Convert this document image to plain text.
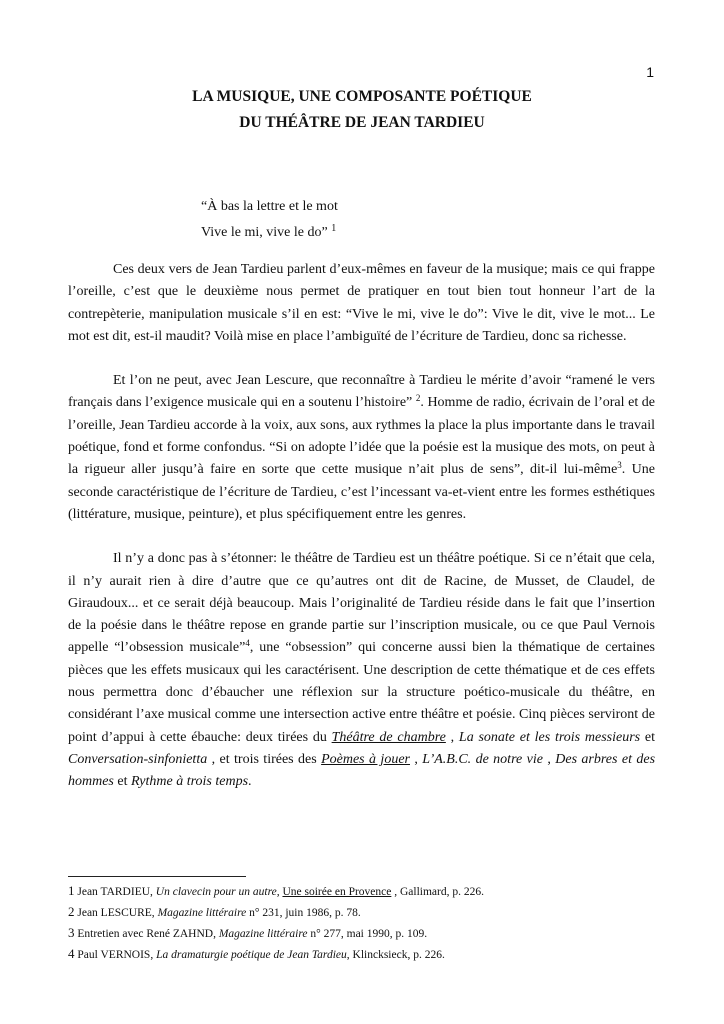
1
LA MUSIQUE, UNE COMPOSANTE POÉTIQUE
DU THÉÂTRE DE JEAN TARDIEU
“À bas la lettre et le mot
Vive le mi, vive le do” $^1$

Ces deux vers de Jean Tardieu parlent d’eux-mêmes en faveur de la musique; mais ce qui frappe l’oreille, c’est que le deuxième nous permet de pratiquer en tout bien tout honneur l’art de la contrepèterie, manipulation musicale s’il en est: “Vive le mi, vive le do”: Vive le dit, vive le mot... Le mot est dit, est-il maudit? Voilà mise en place l’ambiguïté de l’écriture de Tardieu, donc sa richesse.

Et l’on ne peut, avec Jean Lescure, que reconnaître à Tardieu le mérite d’avoir “ramené le vers français dans l’exigence musicale qui en a soutenu l’histoire” $^2$. Homme de radio, écrivain de l’oral et de l’oreille, Jean Tardieu accorde à la voix, aux sons, aux rythmes la place la plus importante dans le travail poétique, fond et forme confondus. “Si on adopte l’idée que la poésie est la musique des mots, on peut à la rigueur aller jusqu’à faire en sorte que cette musique n’ait plus de sens”, dit-il lui-même$^3$. Une seconde caractéristique de l’écriture de Tardieu, c’est l’incessant va-et-vient entre les formes esthétiques (littérature, musique, peinture), et plus spécifiquement entre les genres.

Il n’y a donc pas à s’étonner: le théâtre de Tardieu est un théâtre poétique. Si ce n’était que cela, il n’y aurait rien à dire d’autre que ce qu’autres ont dit de Racine, de Musset, de Claudel, de Giraudoux... et ce serait déjà beaucoup. Mais l’originalité de Tardieu réside dans le fait que l’insertion de la poésie dans le théâtre repose en grande partie sur l’inscription musicale, ou ce que Paul Vernois appelle “l’obsession musicale”$^4$, une “obsession” qui concerne aussi bien la thématique de certaines pièces que les effets musicaux qui les caractérisent. Une description de cette thématique et de ces effets nous permettra donc d’ébaucher une réflexion sur la structure poético-musicale du théâtre, en considérant l’axe musical comme une intersection active entre théâtre et poésie. Cinq pièces serviront de point d’appui à cette ébauche: deux tirées du Théâtre de chambre , La sonate et les trois messieurs et Conversation-sinfonietta , et trois tirées des Poèmes à jouer , L’A.B.C. de notre vie , Des arbres et des hommes et Rythme à trois temps.

1 Jean TARDIEU, Un clavecin pour un autre, Une soirée en Provence , Gallimard, p. 226.
2 Jean LESCURE, Magazine littéraire n° 231, juin 1986, p. 78.
3 Entretien avec René ZAHND, Magazine littéraire n° 277, mai 1990, p. 109.
4 Paul VERNOIS, La dramaturgie poétique de Jean Tardieu, Klincksieck, p. 226.
